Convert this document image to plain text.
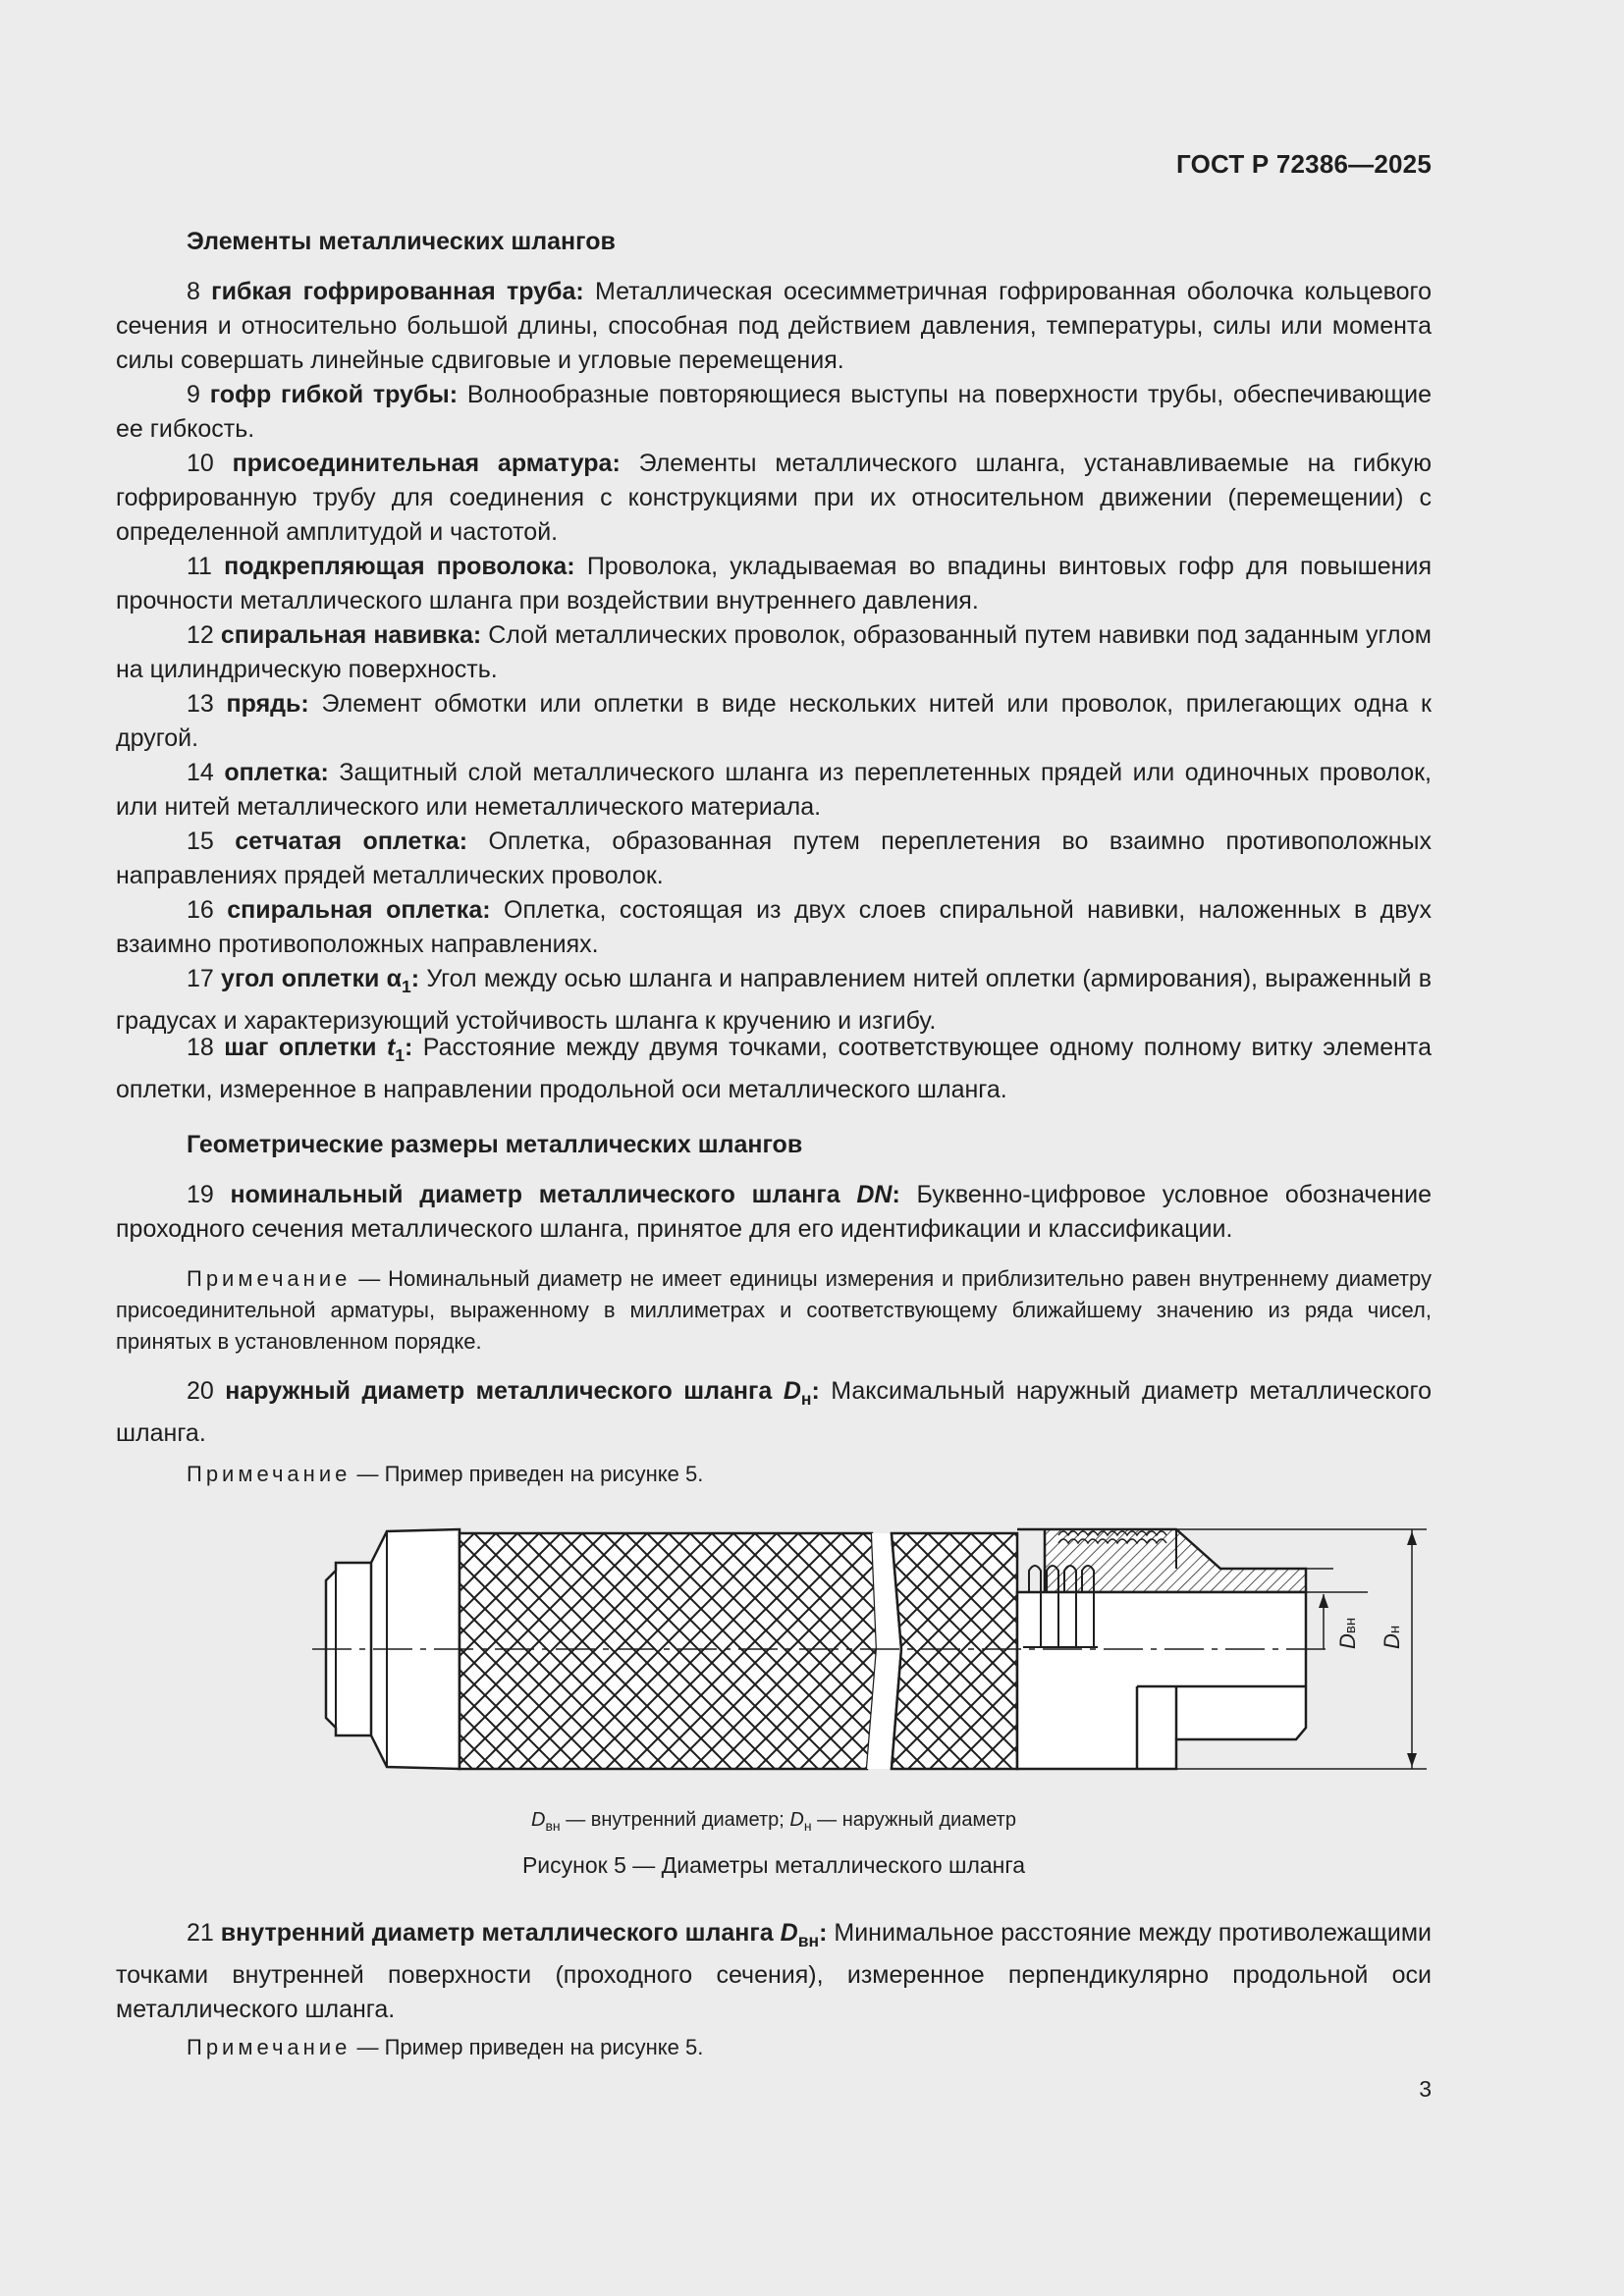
ГОСТ Р 72386—2025
Элементы металлических шлангов
8 гибкая гофрированная труба: Металлическая осесимметричная гофрированная оболочка кольцевого сечения и относительно большой длины, способная под действием давления, температуры, силы или момента силы совершать линейные сдвиговые и угловые перемещения.
9 гофр гибкой трубы: Волнообразные повторяющиеся выступы на поверхности трубы, обеспечивающие ее гибкость.
10 присоединительная арматура: Элементы металлического шланга, устанавливаемые на гибкую гофрированную трубу для соединения с конструкциями при их относительном движении (перемещении) с определенной амплитудой и частотой.
11 подкрепляющая проволока: Проволока, укладываемая во впадины винтовых гофр для повышения прочности металлического шланга при воздействии внутреннего давления.
12 спиральная навивка: Слой металлических проволок, образованный путем навивки под заданным углом на цилиндрическую поверхность.
13 прядь: Элемент обмотки или оплетки в виде нескольких нитей или проволок, прилегающих одна к другой.
14 оплетка: Защитный слой металлического шланга из переплетенных прядей или одиночных проволок, или нитей металлического или неметаллического материала.
15 сетчатая оплетка: Оплетка, образованная путем переплетения во взаимно противоположных направлениях прядей металлических проволок.
16 спиральная оплетка: Оплетка, состоящая из двух слоев спиральной навивки, наложенных в двух взаимно противоположных направлениях.
17 угол оплетки $\alpha_1$: Угол между осью шланга и направлением нитей оплетки (армирования), выраженный в градусах и характеризующий устойчивость шланга к кручению и изгибу.
18 шаг оплетки $t_1$: Расстояние между двумя точками, соответствующее одному полному витку элемента оплетки, измеренное в направлении продольной оси металлического шланга.
Геометрические размеры металлических шлангов
19 номинальный диаметр металлического шланга DN: Буквенно-цифровое условное обозначение проходного сечения металлического шланга, принятое для его идентификации и классификации.
Примечание — Номинальный диаметр не имеет единицы измерения и приблизительно равен внутреннему диаметру присоединительной арматуры, выраженному в миллиметрах и соответствующему ближайшему значению из ряда чисел, принятых в установленном порядке.
20 наружный диаметр металлического шланга $D_н$: Максимальный наружный диаметр металлического шланга.
Примечание — Пример приведен на рисунке 5.
Dвн
Dн
$D_{вн}$ — внутренний диаметр; $D_н$ — наружный диаметр
Рисунок 5 — Диаметры металлического шланга
21 внутренний диаметр металлического шланга $D_{вн}$: Минимальное расстояние между противолежащими точками внутренней поверхности (проходного сечения), измеренное перпендикулярно продольной оси металлического шланга.
Примечание — Пример приведен на рисунке 5.
3
